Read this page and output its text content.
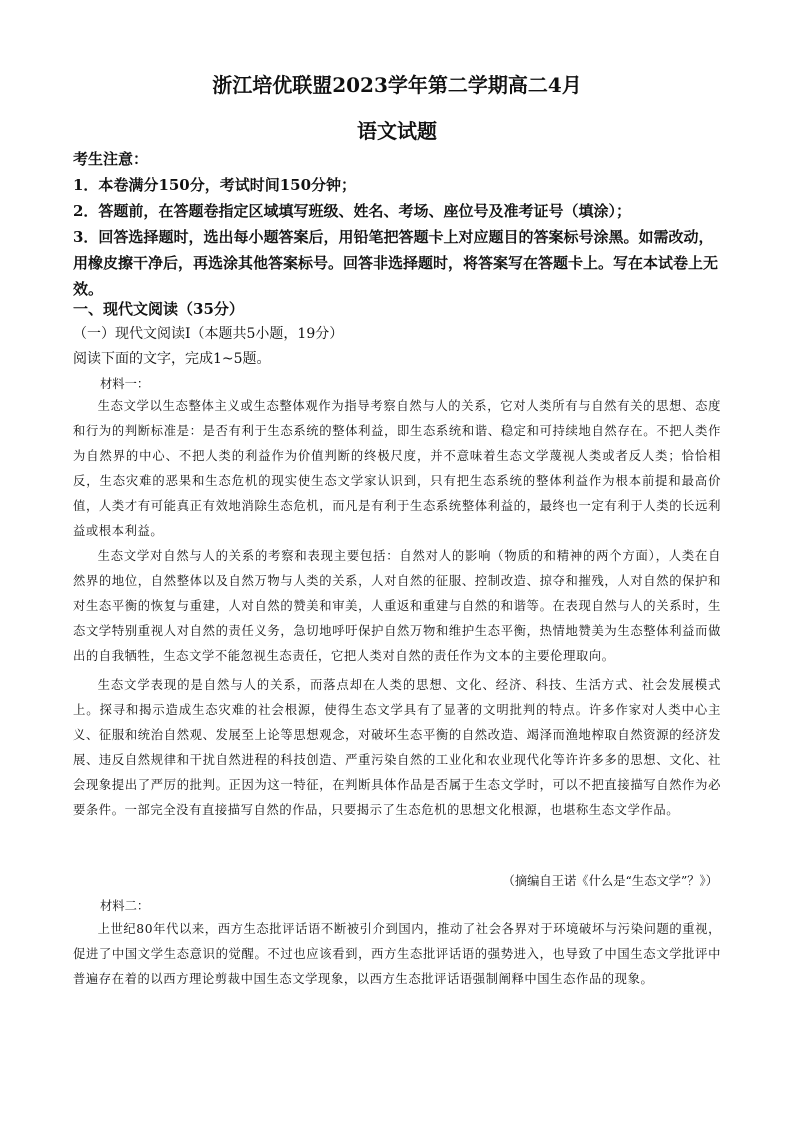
浙江培优联盟2023学年第二学期高二4月
语文试题

考生注意：

1．本卷满分150分，考试时间150分钟；

2．答题前，在答题卷指定区域填写班级、姓名、考场、座位号及准考证号（填涂）；

3．回答选择题时，选出每小题答案后，用铅笔把答题卡上对应题目的答案标号涂黑。如需改动，用橡皮擦干净后，再选涂其他答案标号。回答非选择题时，将答案写在答题卡上。写在本试卷上无效。

一、现代文阅读（35分）
（一）现代文阅读Ⅰ（本题共5小题，19分）
阅读下面的文字，完成1~5题。
材料一：

生态文学以生态整体主义或生态整体观作为指导考察自然与人的关系，它对人类所有与自然有关的思想、态度和行为的判断标准是：是否有利于生态系统的整体利益，即生态系统和谐、稳定和可持续地自然存在。不把人类作为自然界的中心、不把人类的利益作为价值判断的终极尺度，并不意味着生态文学蔑视人类或者反人类；恰恰相反，生态灾难的恶果和生态危机的现实使生态文学家认识到，只有把生态系统的整体利益作为根本前提和最高价值，人类才有可能真正有效地消除生态危机，而凡是有利于生态系统整体利益的，最终也一定有利于人类的长远利益或根本利益。

生态文学对自然与人的关系的考察和表现主要包括：自然对人的影响（物质的和精神的两个方面），人类在自然界的地位，自然整体以及自然万物与人类的关系，人对自然的征服、控制改造、掠夺和摧残，人对自然的保护和对生态平衡的恢复与重建，人对自然的赞美和审美，人重返和重建与自然的和谐等。在表现自然与人的关系时，生态文学特别重视人对自然的责任义务，急切地呼吁保护自然万物和维护生态平衡，热情地赞美为生态整体利益而做出的自我牺牲，生态文学不能忽视生态责任，它把人类对自然的责任作为文本的主要伦理取向。

生态文学表现的是自然与人的关系，而落点却在人类的思想、文化、经济、科技、生活方式、社会发展模式上。探寻和揭示造成生态灾难的社会根源，使得生态文学具有了显著的文明批判的特点。许多作家对人类中心主义、征服和统治自然观、发展至上论等思想观念，对破坏生态平衡的自然改造、竭泽而渔地榨取自然资源的经济发展、违反自然规律和干扰自然进程的科技创造、严重污染自然的工业化和农业现代化等许许多多的思想、文化、社会现象提出了严厉的批判。正因为这一特征，在判断具体作品是否属于生态文学时，可以不把直接描写自然作为必要条件。一部完全没有直接描写自然的作品，只要揭示了生态危机的思想文化根源，也堪称生态文学作品。

（摘编自王诺《什么是“生态文学”？》）
材料二：

上世纪80年代以来，西方生态批评话语不断被引介到国内，推动了社会各界对于环境破坏与污染问题的重视，促进了中国文学生态意识的觉醒。不过也应该看到，西方生态批评话语的强势进入，也导致了中国生态文学批评中普遍存在着的以西方理论剪裁中国生态文学现象，以西方生态批评话语强制阐释中国生态作品的现象。
